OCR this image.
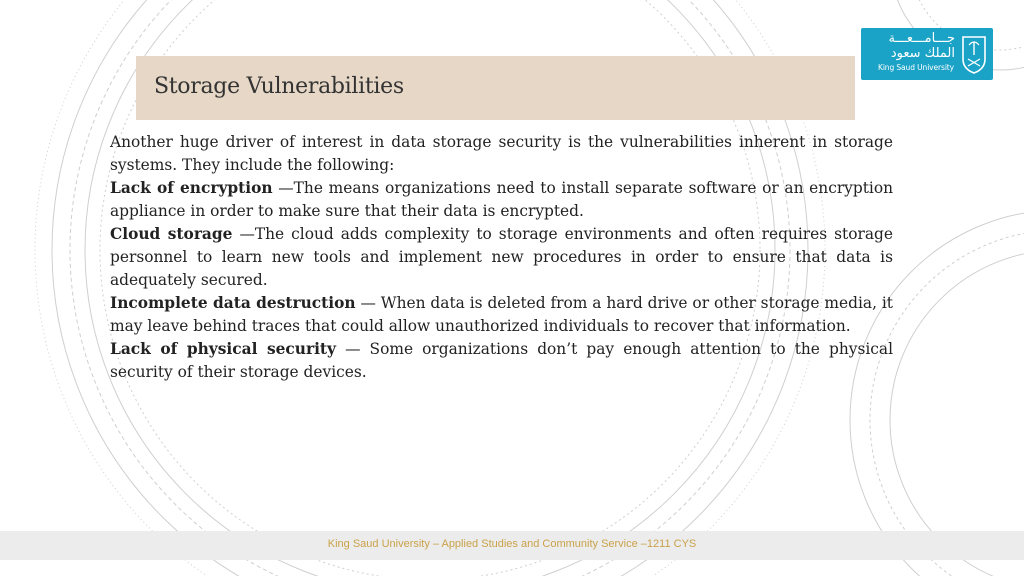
Storage Vulnerabilities
جـــامـــعـــة
الملك سعود
King Saud University

Another huge driver of interest in data storage security is the vulnerabilities inherent in storage systems. They include the following:

Lack of encryption —The means organizations need to install separate software or an encryption appliance in order to make sure that their data is encrypted.

Cloud storage —The cloud adds complexity to storage environments and often requires storage personnel to learn new tools and implement new procedures in order to ensure that data is adequately secured.

Incomplete data destruction — When data is deleted from a hard drive or other storage media, it may leave behind traces that could allow unauthorized individuals to recover that information.

Lack of physical security — Some organizations don’t pay enough attention to the physical security of their storage devices.

King Saud University – Applied Studies and Community Service –1211 CYS
